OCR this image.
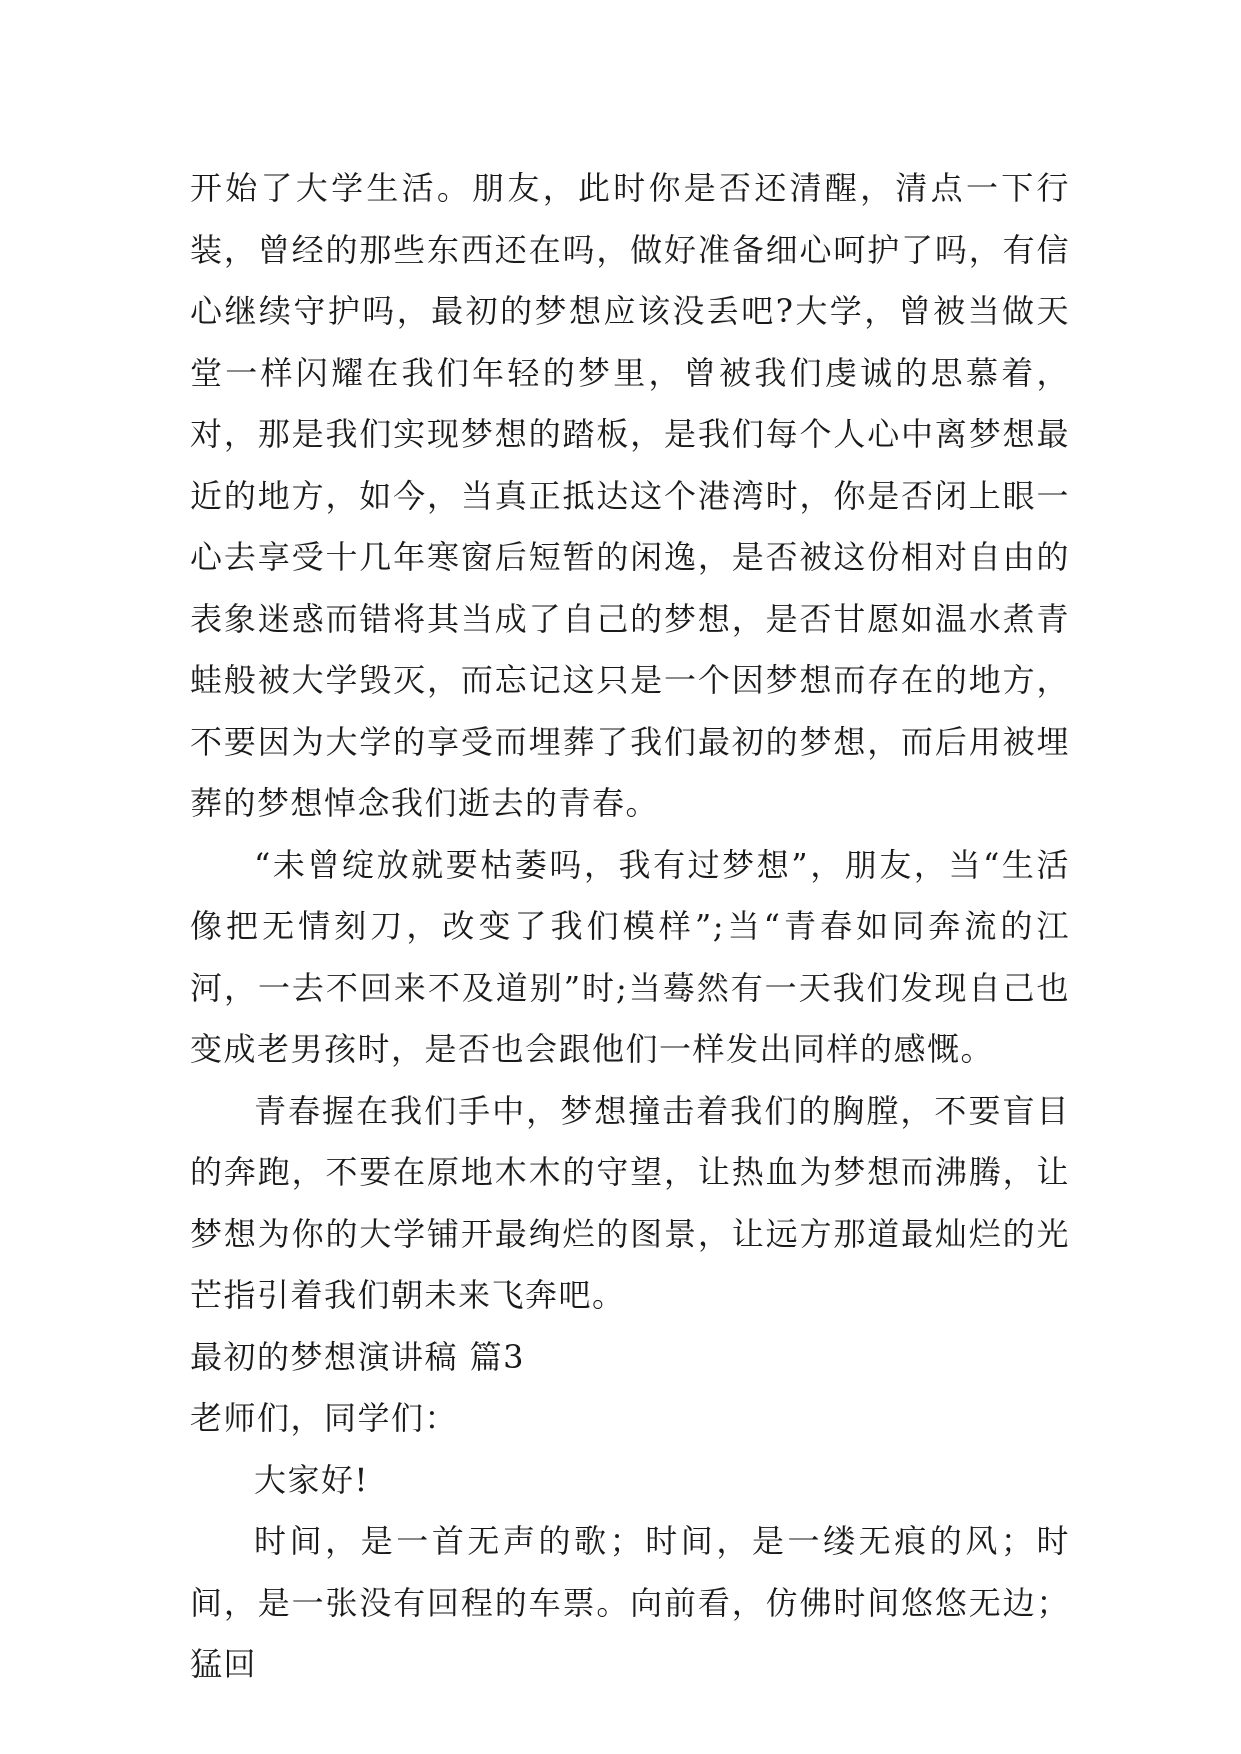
开始了大学生活。朋友，此时你是否还清醒，清点一下行装，曾经的那些东西还在吗，做好准备细心呵护了吗，有信心继续守护吗，最初的梦想应该没丢吧?大学，曾被当做天堂一样闪耀在我们年轻的梦里，曾被我们虔诚的思慕着，对，那是我们实现梦想的踏板，是我们每个人心中离梦想最近的地方，如今，当真正抵达这个港湾时，你是否闭上眼一心去享受十几年寒窗后短暂的闲逸，是否被这份相对自由的表象迷惑而错将其当成了自己的梦想，是否甘愿如温水煮青蛙般被大学毁灭，而忘记这只是一个因梦想而存在的地方，不要因为大学的享受而埋葬了我们最初的梦想，而后用被埋葬的梦想悼念我们逝去的青春。

“未曾绽放就要枯萎吗，我有过梦想”，朋友，当“生活像把无情刻刀，改变了我们模样”;当“青春如同奔流的江河，一去不回来不及道别”时;当蓦然有一天我们发现自己也变成老男孩时，是否也会跟他们一样发出同样的感慨。

青春握在我们手中，梦想撞击着我们的胸膛，不要盲目的奔跑，不要在原地木木的守望，让热血为梦想而沸腾，让梦想为你的大学铺开最绚烂的图景，让远方那道最灿烂的光芒指引着我们朝未来飞奔吧。

最初的梦想演讲稿 篇3

老师们，同学们：

大家好!

时间，是一首无声的歌；时间，是一缕无痕的风；时间，是一张没有回程的车票。向前看，仿佛时间悠悠无边；猛回
